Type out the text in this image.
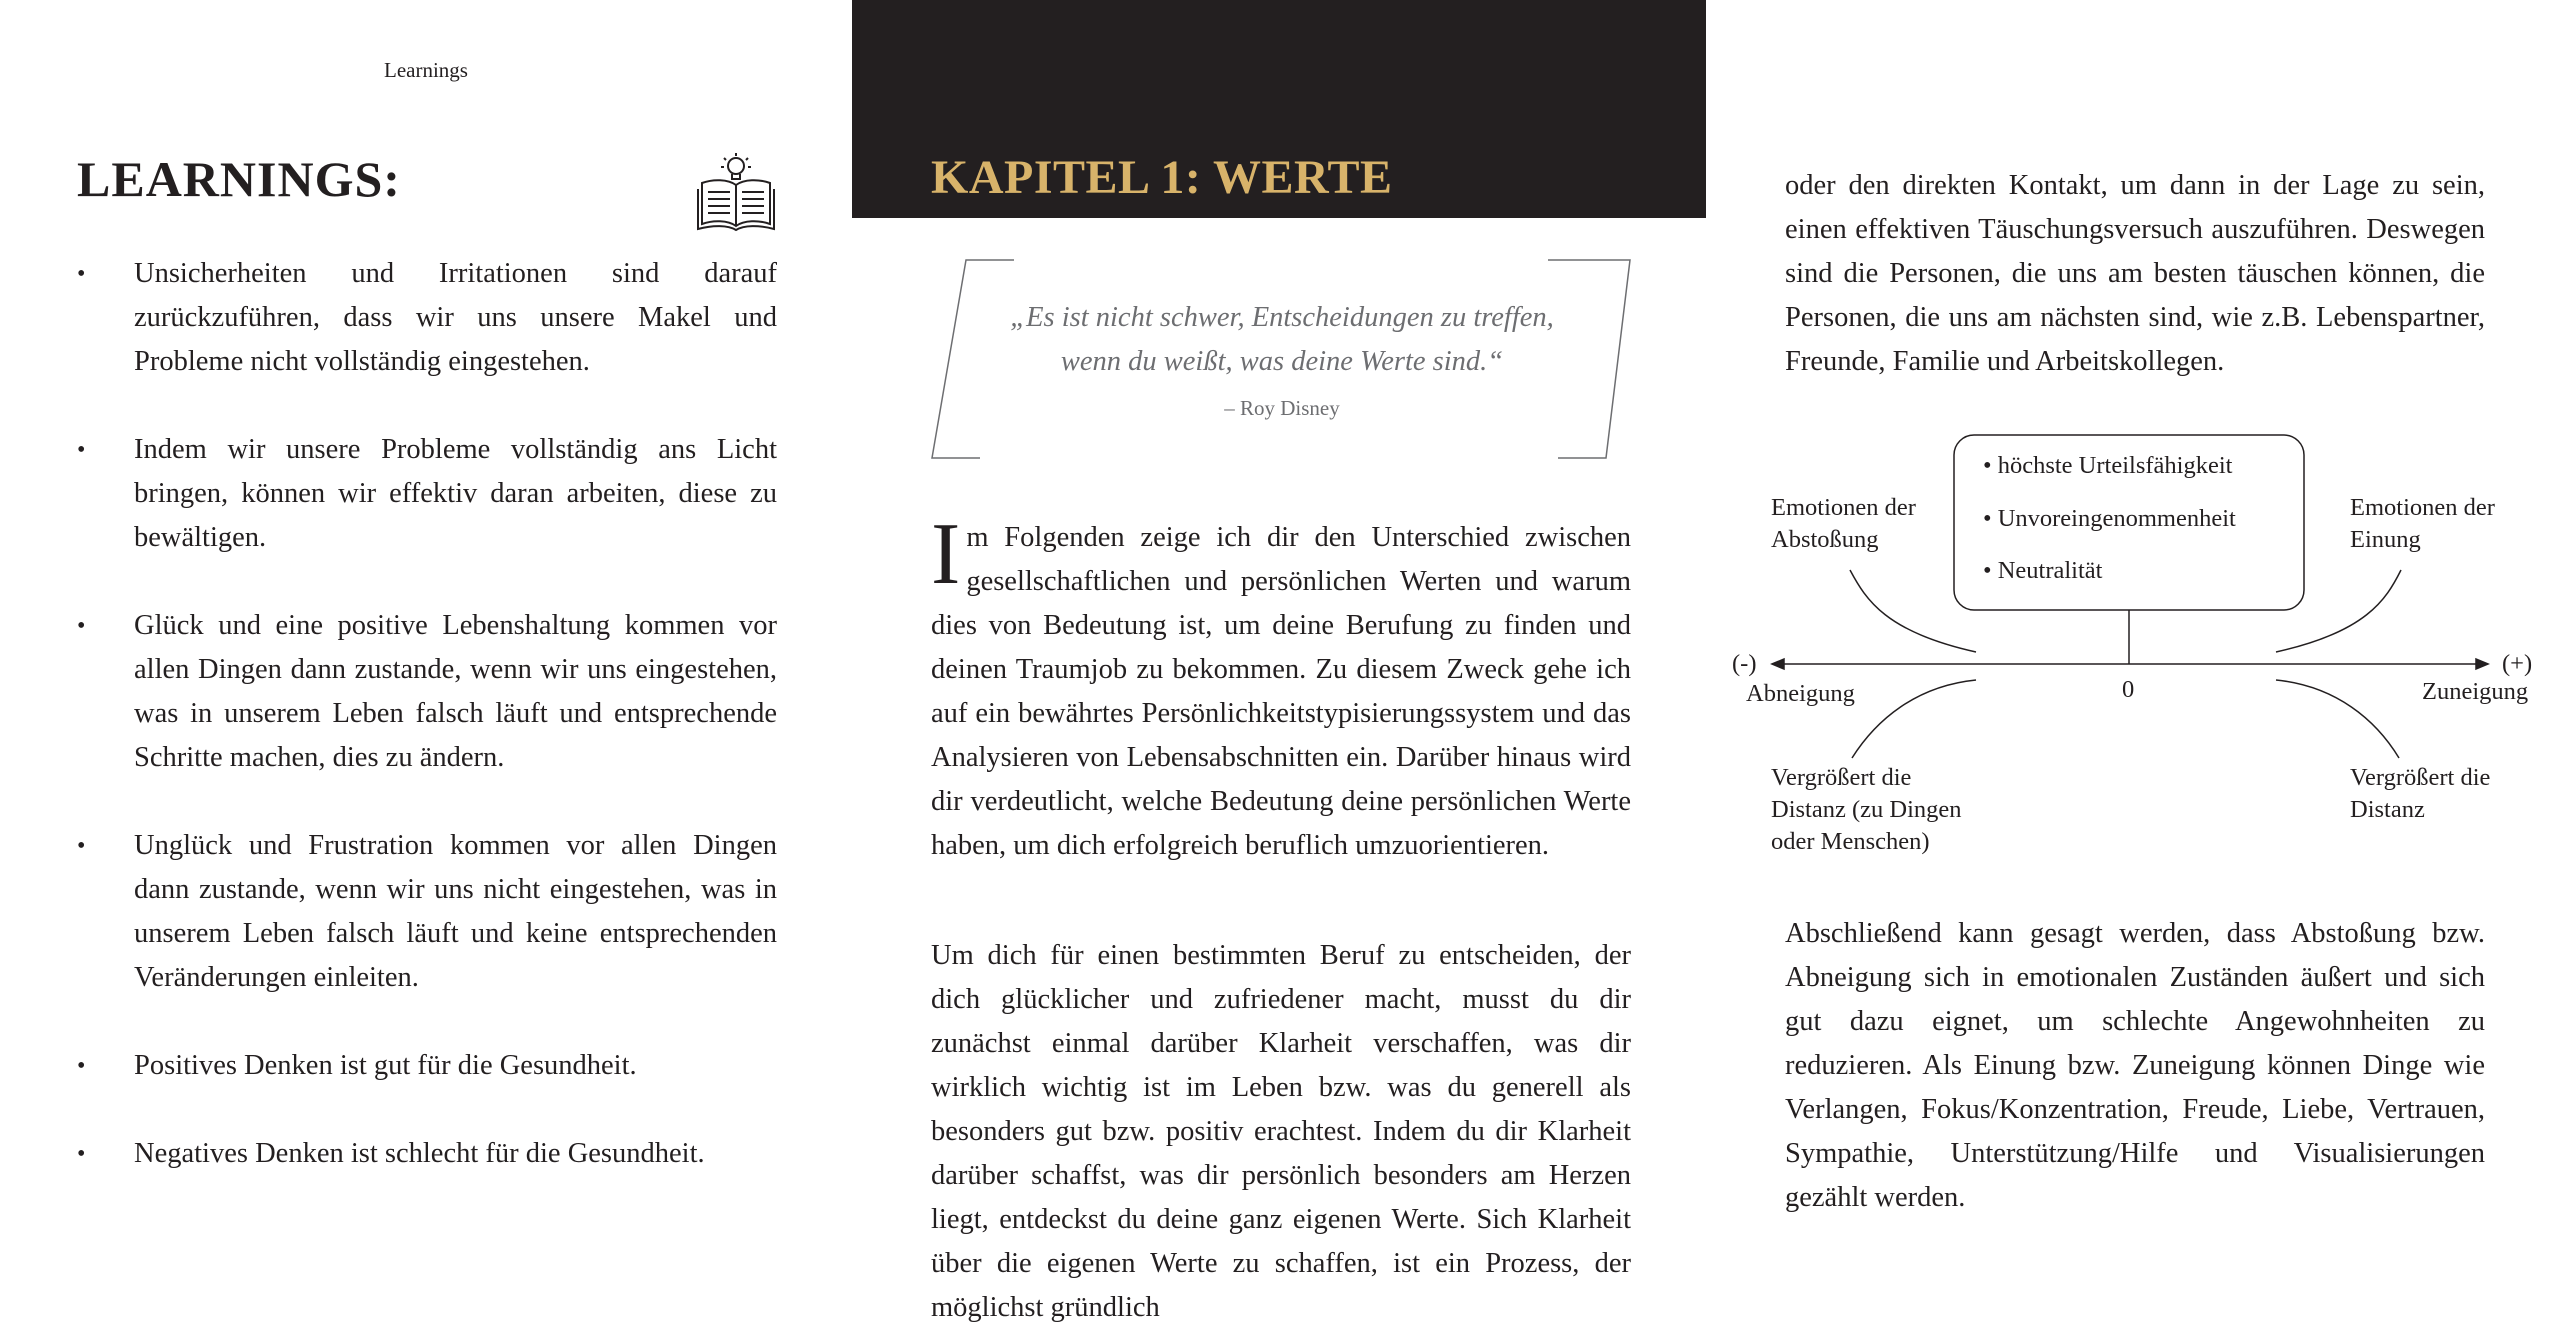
Learnings
LEARNINGS:
• Unsicherheiten und Irritationen sind darauf zurückzuführen, dass wir uns unsere Makel und Probleme nicht vollständig eingestehen.
• Indem wir unsere Probleme vollständig ans Licht bringen, können wir effektiv daran arbeiten, diese zu bewältigen.
• Glück und eine positive Lebenshaltung kommen vor allen Dingen dann zustande, wenn wir uns eingestehen, was in unserem Leben falsch läuft und entsprechende Schritte machen, dies zu ändern.
• Unglück und Frustration kommen vor allen Dingen dann zustande, wenn wir uns nicht eingestehen, was in unserem Leben falsch läuft und keine entsprechenden Veränderungen einleiten.
• Positives Denken ist gut für die Gesundheit.
• Negatives Denken ist schlecht für die Gesundheit.
KAPITEL 1: WERTE
„Es ist nicht schwer, Entscheidungen zu treffen,
wenn du weißt, was deine Werte sind.“
– Roy Disney

Im Folgenden zeige ich dir den Unterschied zwischen gesellschaftlichen und persönlichen Werten und warum dies von Bedeutung ist, um deine Berufung zu finden und deinen Traumjob zu bekommen. Zu diesem Zweck gehe ich auf ein bewährtes Persönlichkeitstypisierungssystem und das Analysieren von Lebensabschnitten ein. Darüber hinaus wird dir verdeutlicht, welche Bedeutung deine persönlichen Werte haben, um dich erfolgreich beruflich umzuorientieren.

Um dich für einen bestimmten Beruf zu entscheiden, der dich glücklicher und zufriedener macht, musst du dir zunächst einmal darüber Klarheit verschaffen, was dir wirklich wichtig ist im Leben bzw. was du generell als besonders gut bzw. positiv erachtest. Indem du dir Klarheit darüber schaffst, was dir persönlich besonders am Herzen liegt, entdeckst du deine ganz eigenen Werte. Sich Klarheit über die eigenen Werte zu schaffen, ist ein Prozess, der möglichst gründlich

oder den direkten Kontakt, um dann in der Lage zu sein, einen effektiven Täuschungsversuch auszuführen. Deswegen sind die Personen, die uns am besten täuschen können, die Personen, die uns am nächsten sind, wie z.B. Lebenspartner, Freunde, Familie und Arbeitskollegen.

• höchste Urteilsfähigkeit
• Unvoreingenommenheit
• Neutralität
Emotionen der
Abstoßung
Emotionen der
Einung
(-)	(+)
Abneigung	Zuneigung
0
Vergrößert die
Distanz (zu Dingen
oder Menschen)
Vergrößert die
Distanz

Abschließend kann gesagt werden, dass Abstoßung bzw. Abneigung sich in emotionalen Zuständen äußert und sich gut dazu eignet, um schlechte Angewohnheiten zu reduzieren. Als Einung bzw. Zuneigung können Dinge wie Verlangen, Fokus/Konzentration, Freude, Liebe, Vertrauen, Sympathie, Unterstützung/Hilfe und Visualisierungen gezählt werden.
